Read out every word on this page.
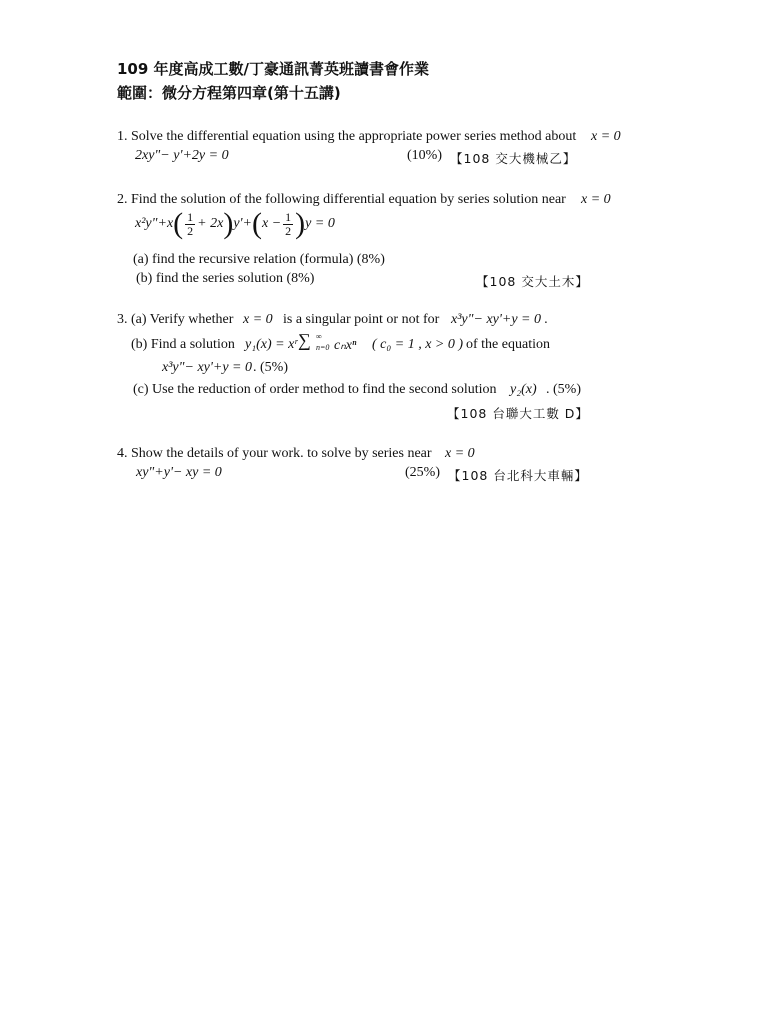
109 年度高成工數/丁豪通訊菁英班讀書會作業
範圍：微分方程第四章(第十五講)
1. Solve the differential equation using the appropriate power series method about x = 0
2xy"− y'+2y = 0	(10%) 【108 交大機械乙】
2. Find the solution of the following differential equation by series solution near x = 0
x²y"+x ( $\frac{1}{2} + 2x$ ) y'+ ( $x - \frac{1}{2}$ ) y = 0
(a) find the recursive relation (formula) (8%)
(b) find the series solution (8%)	【108 交大土木】
3. (a) Verify whether x = 0 is a singular point or not for x³y"− xy'+y = 0 .
(b) Find a solution y₁(x) = xʳ ∑ ∞ n=0 cₙxⁿ ( c₀ = 1 , x > 0 ) of the equation
x³y"− xy'+y = 0 . (5%)
(c) Use the reduction of order method to find the second solution y₂(x) . (5%)
【108 台聯大工數 D】
4. Show the details of your work. to solve by series near x = 0
xy"+y'− xy = 0	(25%) 【108 台北科大車輛】
